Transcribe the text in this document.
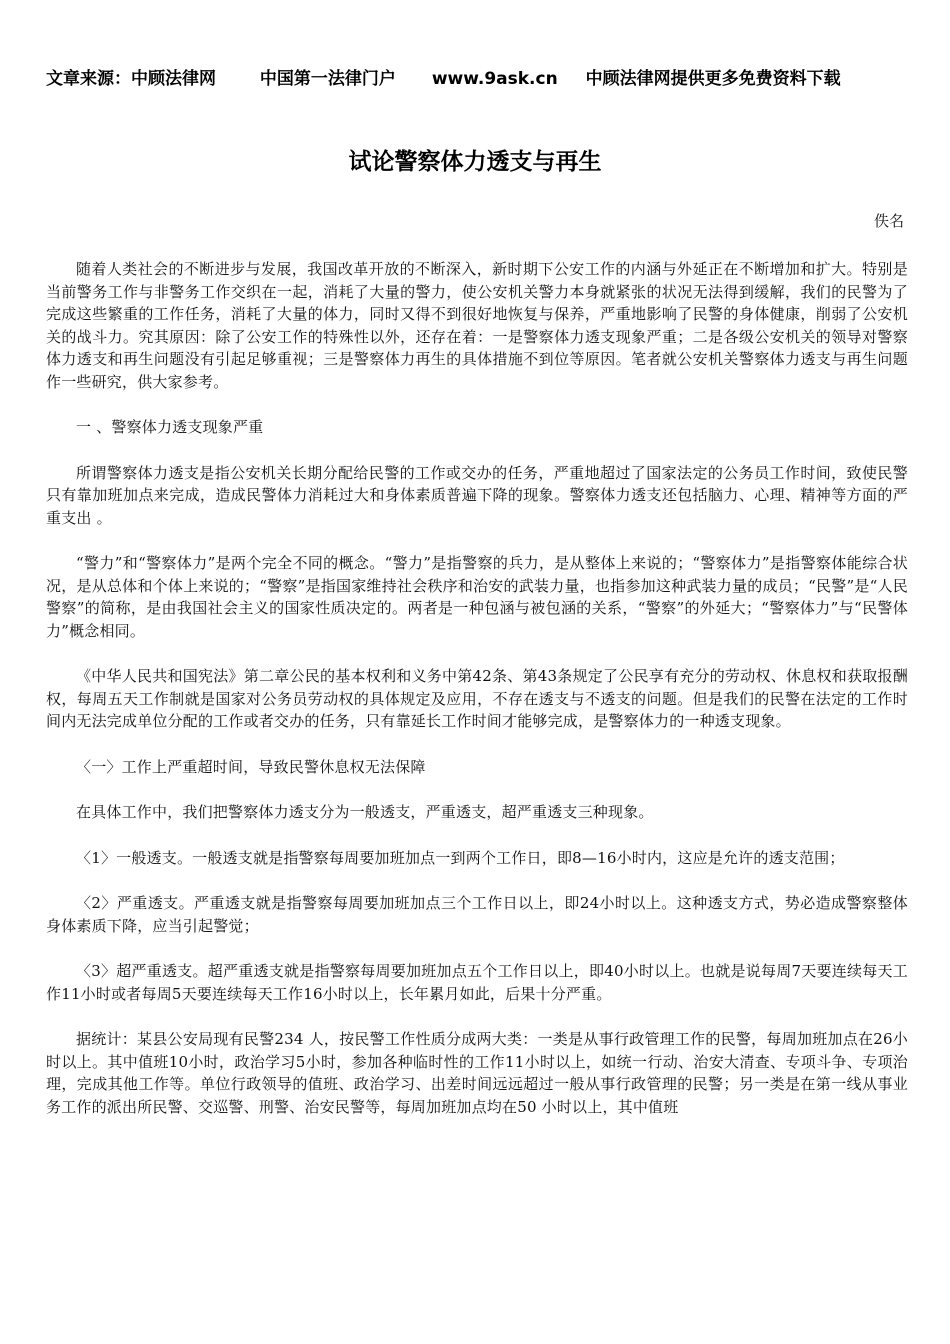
文章来源：中顾法律网	中国第一法律门户 www.9ask.cn 中顾法律网提供更多免费资料下载
试论警察体力透支与再生
佚名

随着人类社会的不断进步与发展，我国改革开放的不断深入，新时期下公安工作的内涵与外延正在不断增加和扩大。特别是当前警务工作与非警务工作交织在一起，消耗了大量的警力，使公安机关警力本身就紧张的状况无法得到缓解，我们的民警为了完成这些繁重的工作任务，消耗了大量的体力，同时又得不到很好地恢复与保养，严重地影响了民警的身体健康，削弱了公安机关的战斗力。究其原因：除了公安工作的特殊性以外，还存在着：一是警察体力透支现象严重；二是各级公安机关的领导对警察体力透支和再生问题没有引起足够重视；三是警察体力再生的具体措施不到位等原因。笔者就公安机关警察体力透支与再生问题作一些研究，供大家参考。

一 、警察体力透支现象严重

所谓警察体力透支是指公安机关长期分配给民警的工作或交办的任务，严重地超过了国家法定的公务员工作时间，致使民警只有靠加班加点来完成，造成民警体力消耗过大和身体素质普遍下降的现象。警察体力透支还包括脑力、心理、精神等方面的严重支出 。

“警力”和“警察体力”是两个完全不同的概念。“警力”是指警察的兵力，是从整体上来说的；“警察体力”是指警察体能综合状况，是从总体和个体上来说的；“警察”是指国家维持社会秩序和治安的武装力量，也指参加这种武装力量的成员；“民警”是“人民警察”的简称，是由我国社会主义的国家性质决定的。两者是一种包涵与被包涵的关系，“警察”的外延大；“警察体力”与“民警体力”概念相同。

《中华人民共和国宪法》第二章公民的基本权利和义务中第42条、第43条规定了公民享有充分的劳动权、休息权和获取报酬权，每周五天工作制就是国家对公务员劳动权的具体规定及应用，不存在透支与不透支的问题。但是我们的民警在法定的工作时间内无法完成单位分配的工作或者交办的任务，只有靠延长工作时间才能够完成，是警察体力的一种透支现象。

〈一〉工作上严重超时间，导致民警休息权无法保障

在具体工作中，我们把警察体力透支分为一般透支，严重透支，超严重透支三种现象。

〈1〉一般透支。一般透支就是指警察每周要加班加点一到两个工作日，即8—16小时内，这应是允许的透支范围；

〈2〉严重透支。严重透支就是指警察每周要加班加点三个工作日以上，即24小时以上。这种透支方式，势必造成警察整体身体素质下降，应当引起警觉；

〈3〉超严重透支。超严重透支就是指警察每周要加班加点五个工作日以上，即40小时以上。也就是说每周7天要连续每天工作11小时或者每周5天要连续每天工作16小时以上，长年累月如此，后果十分严重。

据统计：某县公安局现有民警234 人，按民警工作性质分成两大类：一类是从事行政管理工作的民警，每周加班加点在26小时以上。其中值班10小时，政治学习5小时，参加各种临时性的工作11小时以上，如统一行动、治安大清查、专项斗争、专项治理，完成其他工作等。单位行政领导的值班、政治学习、出差时间远远超过一般从事行政管理的民警；另一类是在第一线从事业务工作的派出所民警、交巡警、刑警、治安民警等，每周加班加点均在50 小时以上，其中值班
